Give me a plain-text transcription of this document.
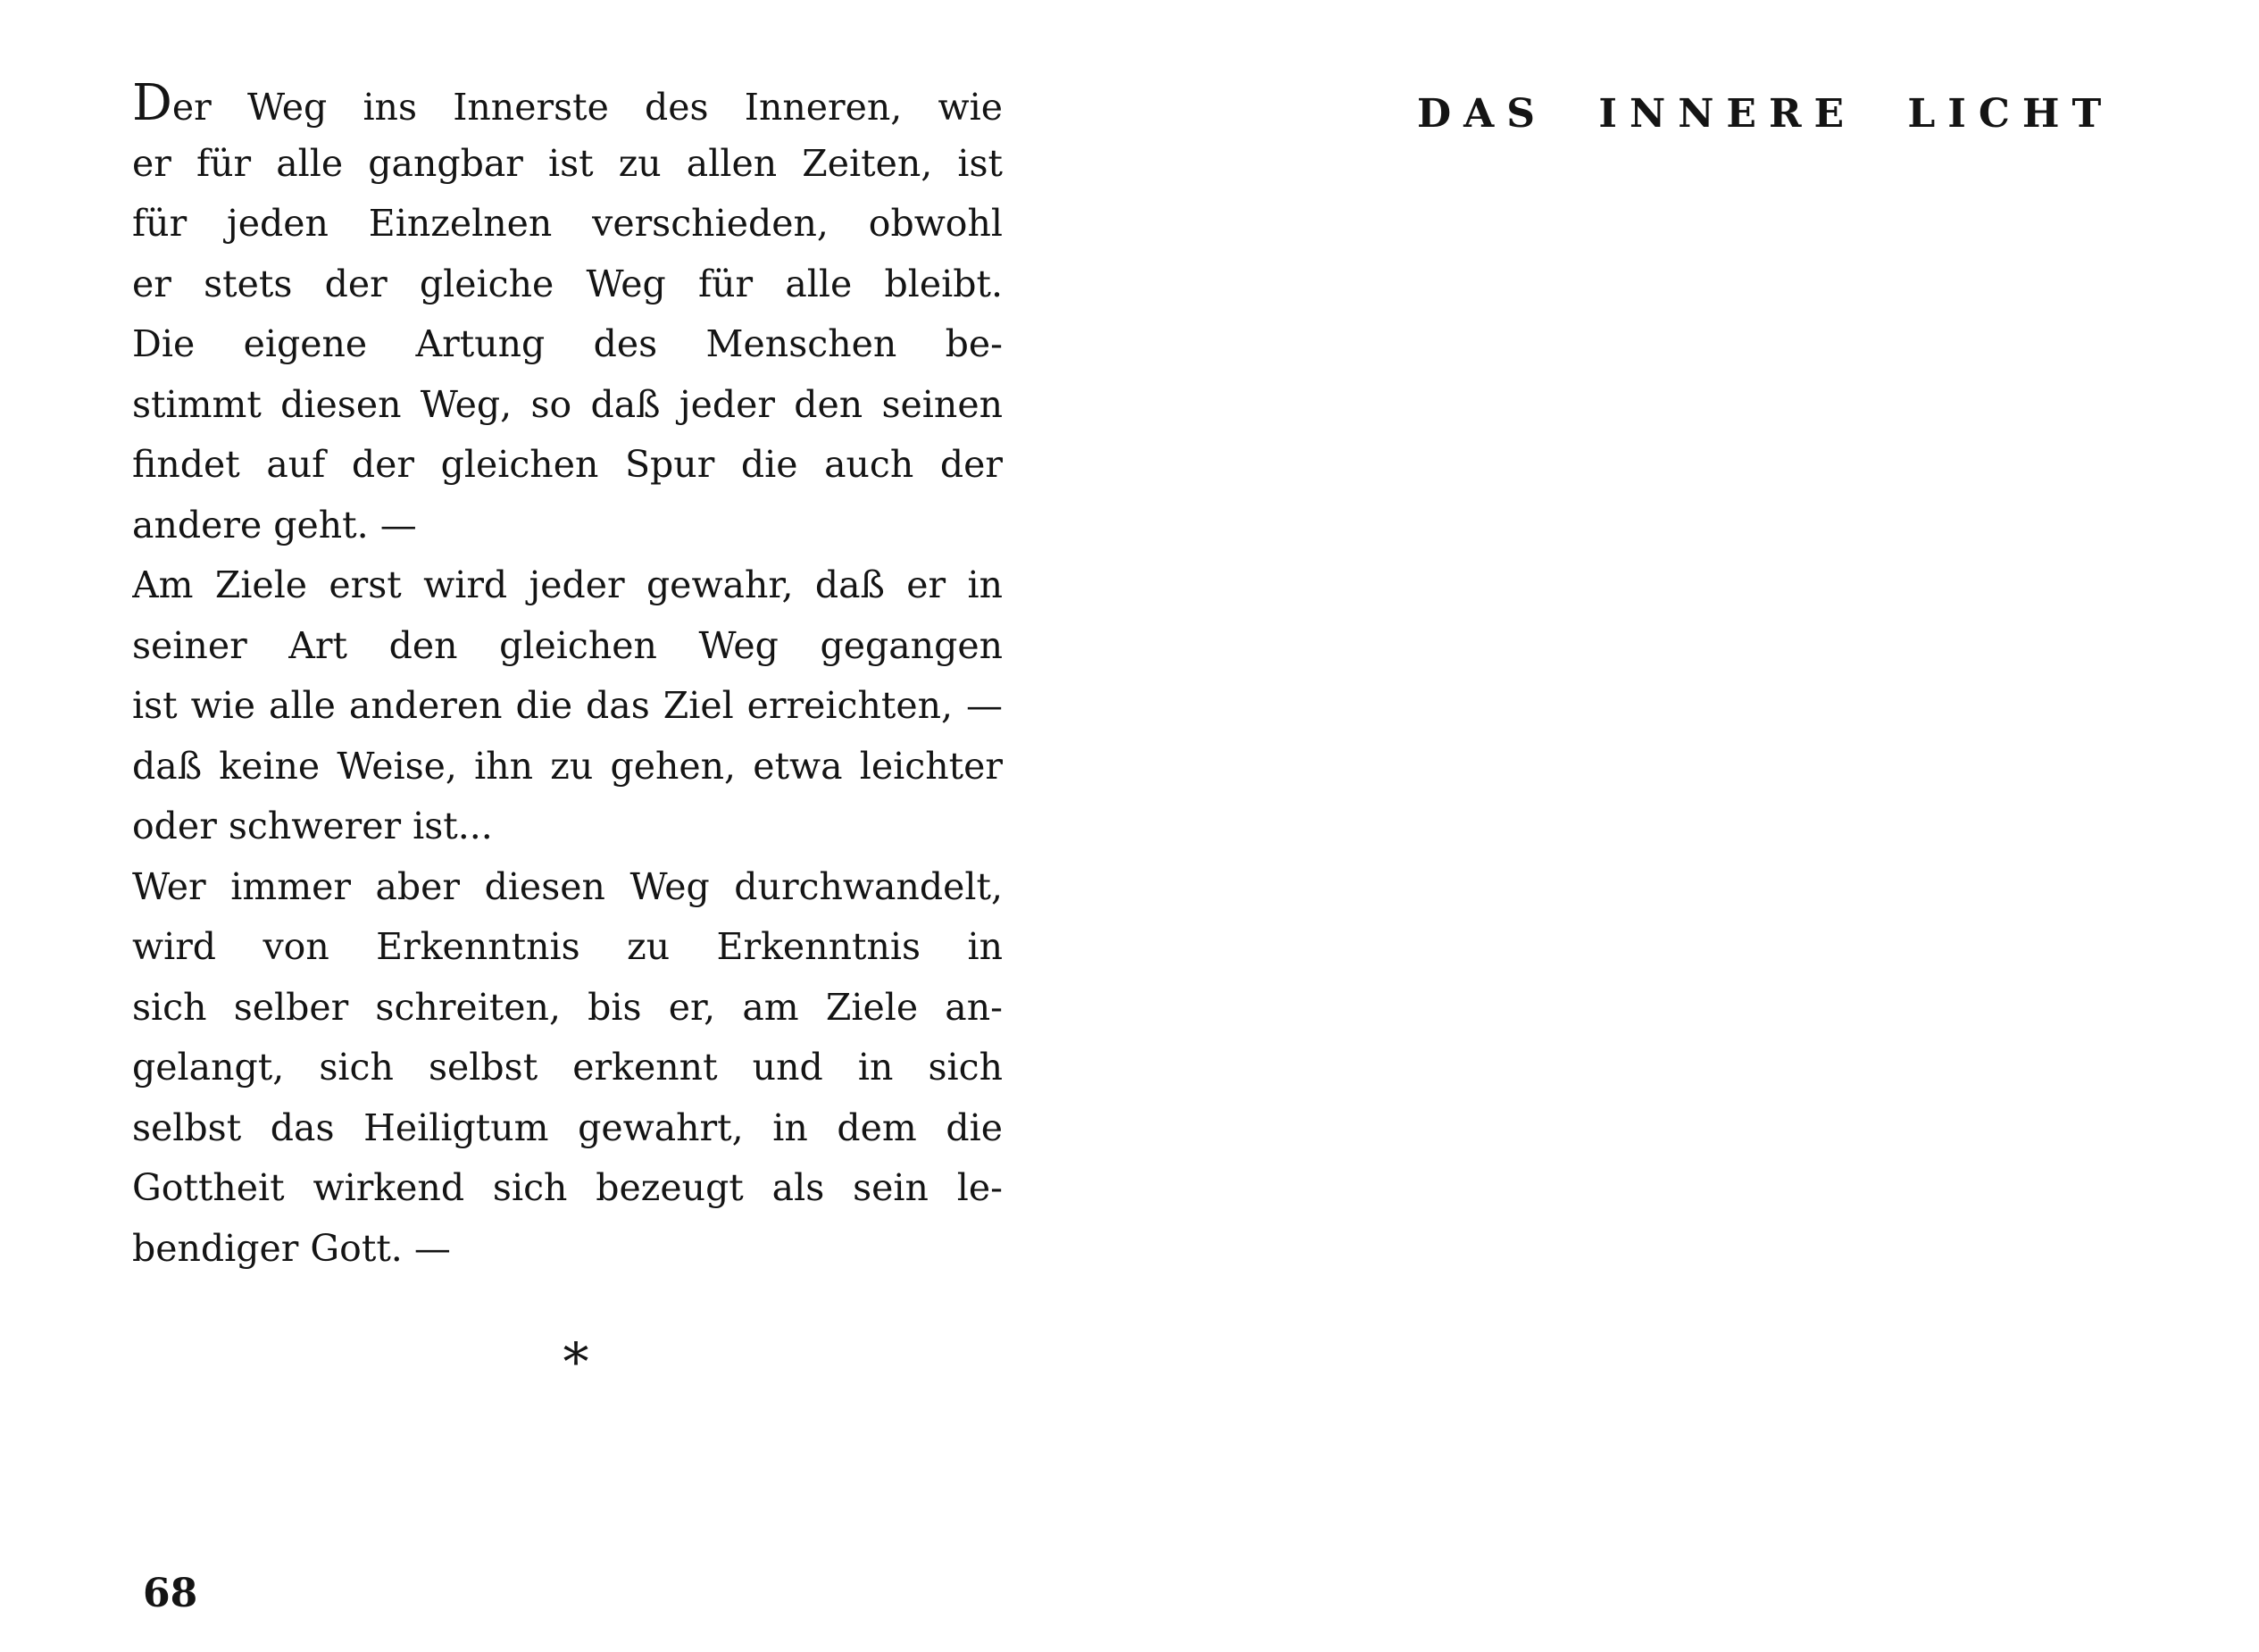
Der Weg ins Innerste des Inneren, wie
er für alle gangbar ist zu allen Zeiten, ist
für jeden Einzelnen verschieden, obwohl
er stets der gleiche Weg für alle bleibt.
Die eigene Artung des Menschen be-
stimmt diesen Weg, so daß jeder den seinen
findet auf der gleichen Spur die auch der
andere geht. —
Am Ziele erst wird jeder gewahr, daß er in
seiner Art den gleichen Weg gegangen
ist wie alle anderen die das Ziel erreichten, —
daß keine Weise, ihn zu gehen, etwa leichter
oder schwerer ist...
Wer immer aber diesen Weg durchwandelt,
wird von Erkenntnis zu Erkenntnis in
sich selber schreiten, bis er, am Ziele an-
gelangt, sich selbst erkennt und in sich
selbst das Heiligtum gewahrt, in dem die
Gottheit wirkend sich bezeugt als sein le-
bendiger Gott. —
*
68
DAS INNERE LICHT
